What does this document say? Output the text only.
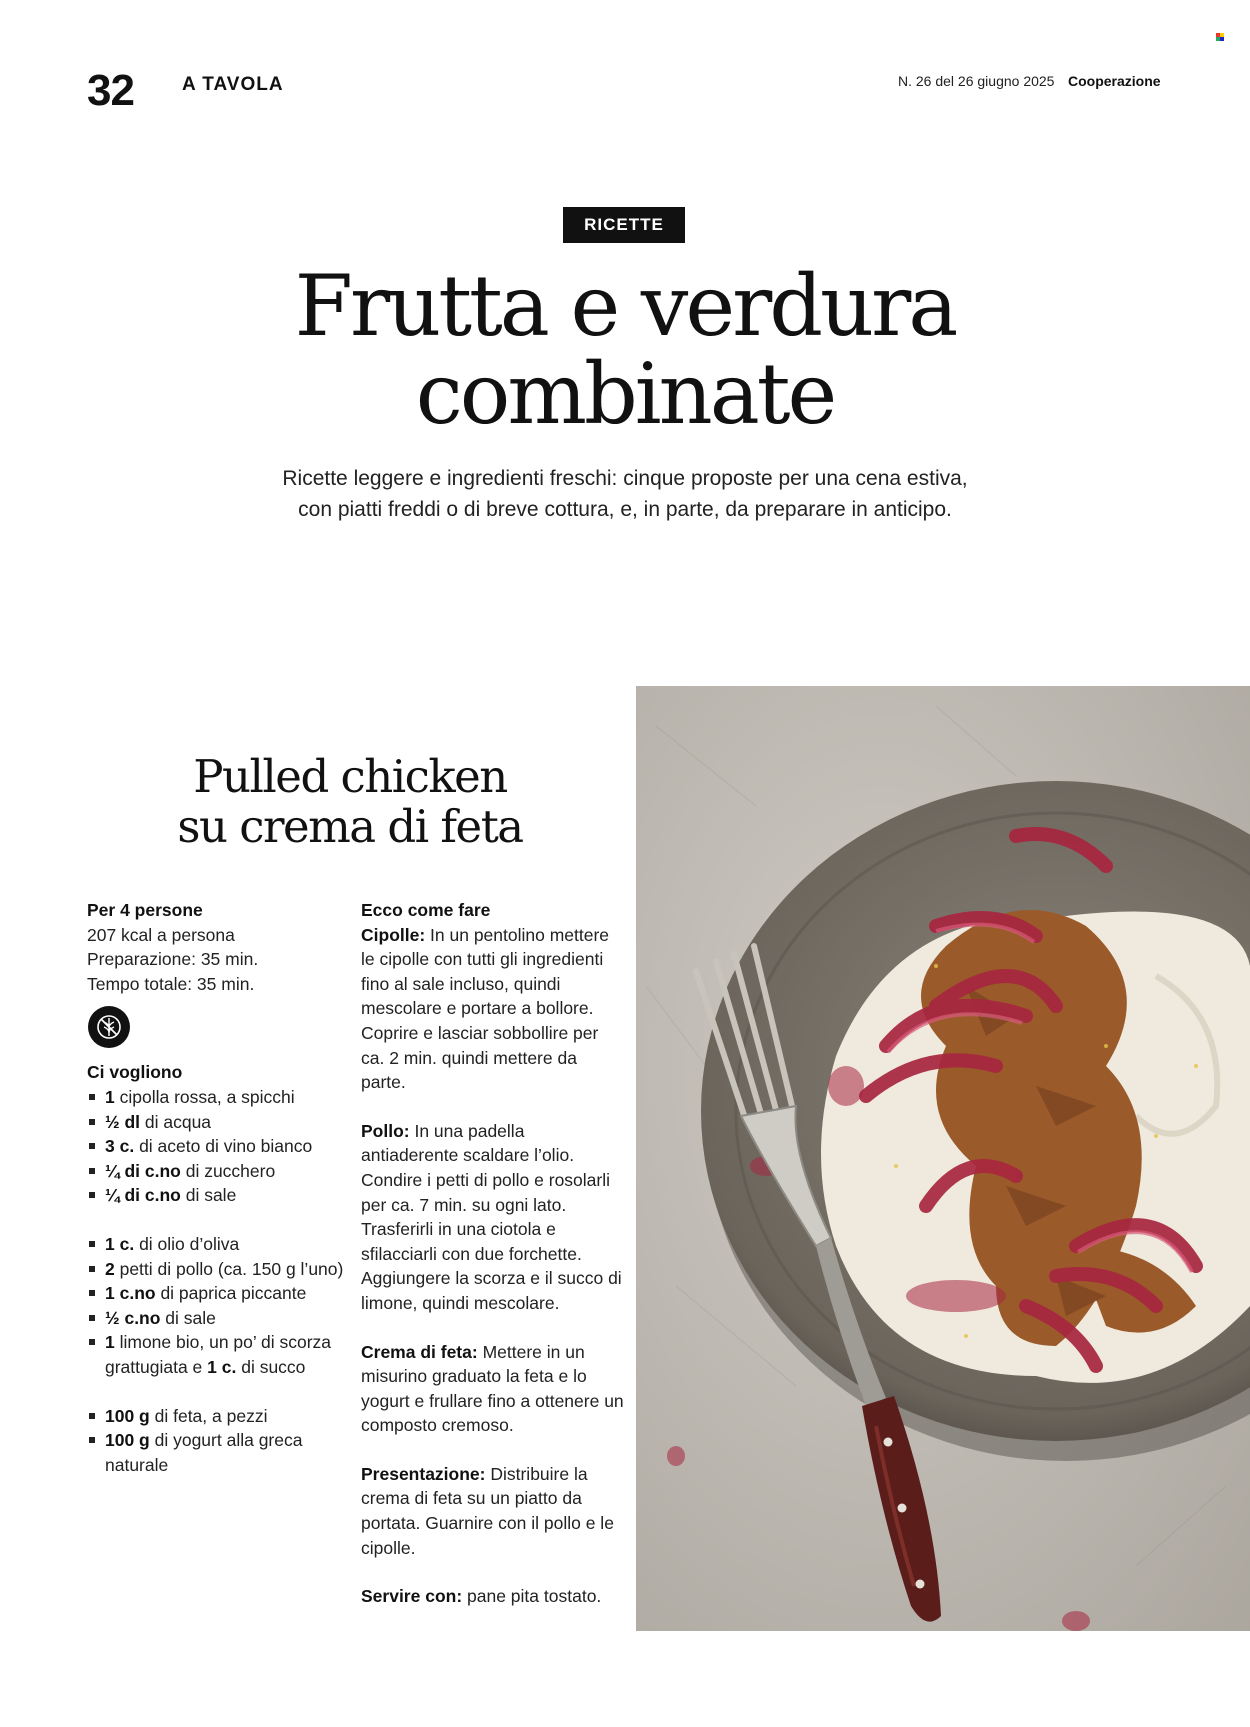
32	A TAVOLA	N. 26 del 26 giugno 2025 Cooperazione
RICETTE
Frutta e verdura
combinate
Ricette leggere e ingredienti freschi: cinque proposte per una cena estiva,
con piatti freddi o di breve cottura, e, in parte, da preparare in anticipo.
Pulled chicken
su crema di feta
Per 4 persone
207 kcal a persona
Preparazione: 35 min.
Tempo totale: 35 min.
Ci vogliono
1 cipolla rossa, a spicchi
½ dl di acqua
3 c. di aceto di vino bianco
¼ di c.no di zucchero
¼ di c.no di sale
1 c. di olio d’oliva
2 petti di pollo (ca. 150 g l’uno)
1 c.no di paprica piccante
½ c.no di sale
1 limone bio, un po’ di scorza grattugiata e 1 c. di succo
100 g di feta, a pezzi
100 g di yogurt alla greca naturale
Ecco come fare

Cipolle: In un pentolino mettere le cipolle con tutti gli ingredienti fino al sale incluso, quindi mescolare e portare a bollore. Coprire e lasciar sobbollire per ca. 2 min. quindi mettere da parte.

Pollo: In una padella antiaderente scaldare l’olio. Condire i petti di pollo e rosolarli per ca. 7 min. su ogni lato. Trasferirli in una ciotola e sfilacciarli con due forchette. Aggiungere la scorza e il succo di limone, quindi mescolare.

Crema di feta: Mettere in un misurino graduato la feta e lo yogurt e frullare fino a ottenere un composto cremoso.

Presentazione: Distribuire la crema di feta su un piatto da portata. Guarnire con il pollo e le cipolle.

Servire con: pane pita tostato.
